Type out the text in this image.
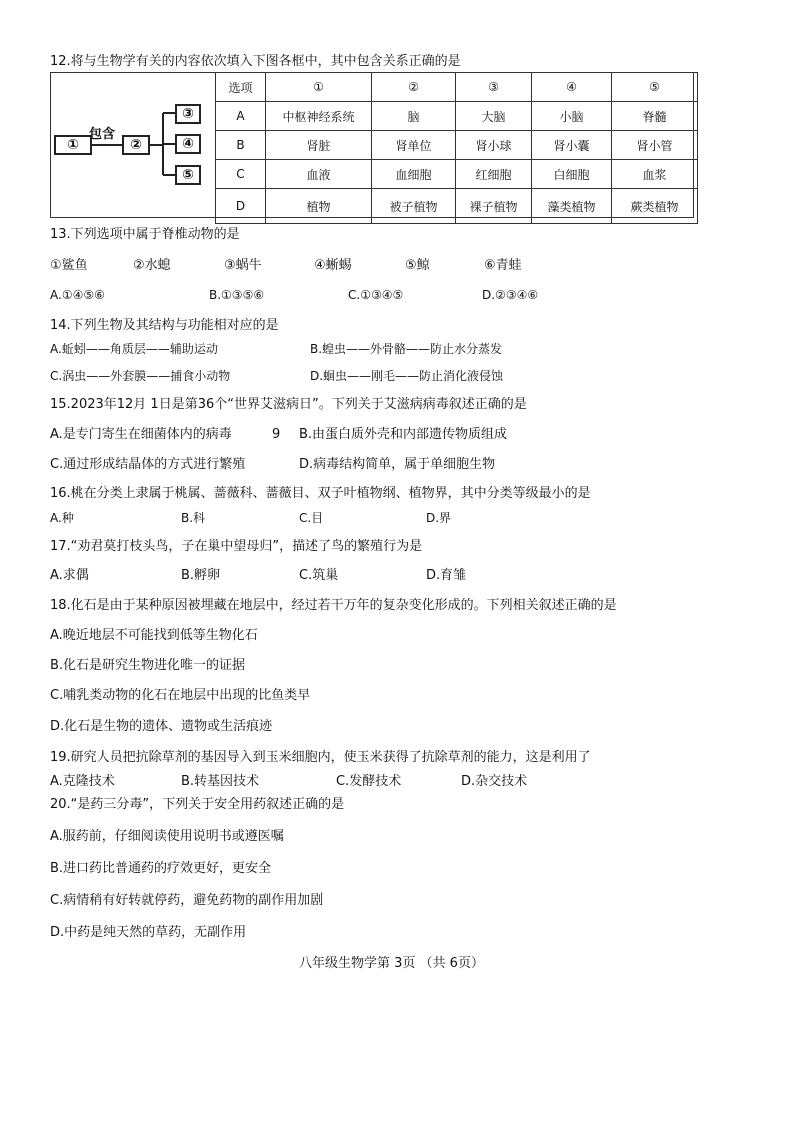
12.将与生物学有关的内容依次填入下图各框中，其中包含关系正确的是
①
包含
②
③
④
⑤
选项	①	②	③	④	⑤
A	中枢神经系统	脑	大脑	小脑	脊髓
B	肾脏	肾单位	肾小球	肾小囊	肾小管
C	血液	血细胞	红细胞	白细胞	血浆
D	植物	被子植物	裸子植物	藻类植物	蕨类植物
13.下列选项中属于脊椎动物的是
①鲨鱼	②水螅	③蜗牛	④蜥蜴	⑤鲸	⑥青蛙
A.①④⑤⑥	B.①③⑤⑥	C.①③④⑤	D.②③④⑥
14.下列生物及其结构与功能相对应的是
A.蚯蚓——角质层——辅助运动	B.蝗虫——外骨骼——防止水分蒸发
C.涡虫——外套膜——捕食小动物	D.蛔虫——刚毛——防止消化液侵蚀
15.2023年12月 1日是第36个“世界艾滋病日”。下列关于艾滋病病毒叙述正确的是
A.是专门寄生在细菌体内的病毒	9 B.由蛋白质外壳和内部遗传物质组成
C.通过形成结晶体的方式进行繁殖	D.病毒结构简单，属于单细胞生物
16.桃在分类上隶属于桃属、蔷薇科、蔷薇目、双子叶植物纲、植物界，其中分类等级最小的是
A.种	B.科	C.目	D.界
17.“劝君莫打枝头鸟，子在巢中望母归”，描述了鸟的繁殖行为是
A.求偶	B.孵卵	C.筑巢	D.育雏
18.化石是由于某种原因被埋藏在地层中，经过若干万年的复杂变化形成的。下列相关叙述正确的是
A.晚近地层不可能找到低等生物化石
B.化石是研究生物进化唯一的证据
C.哺乳类动物的化石在地层中出现的比鱼类早
D.化石是生物的遗体、遗物或生活痕迹
19.研究人员把抗除草剂的基因导入到玉米细胞内，使玉米获得了抗除草剂的能力，这是利用了
A.克隆技术	B.转基因技术	C.发酵技术	D.杂交技术
20.“是药三分毒”，下列关于安全用药叙述正确的是
A.服药前，仔细阅读使用说明书或遵医嘱
B.进口药比普通药的疗效更好，更安全
C.病情稍有好转就停药，避免药物的副作用加剧
D.中药是纯天然的草药，无副作用
八年级生物学第 3页 （共 6页）
